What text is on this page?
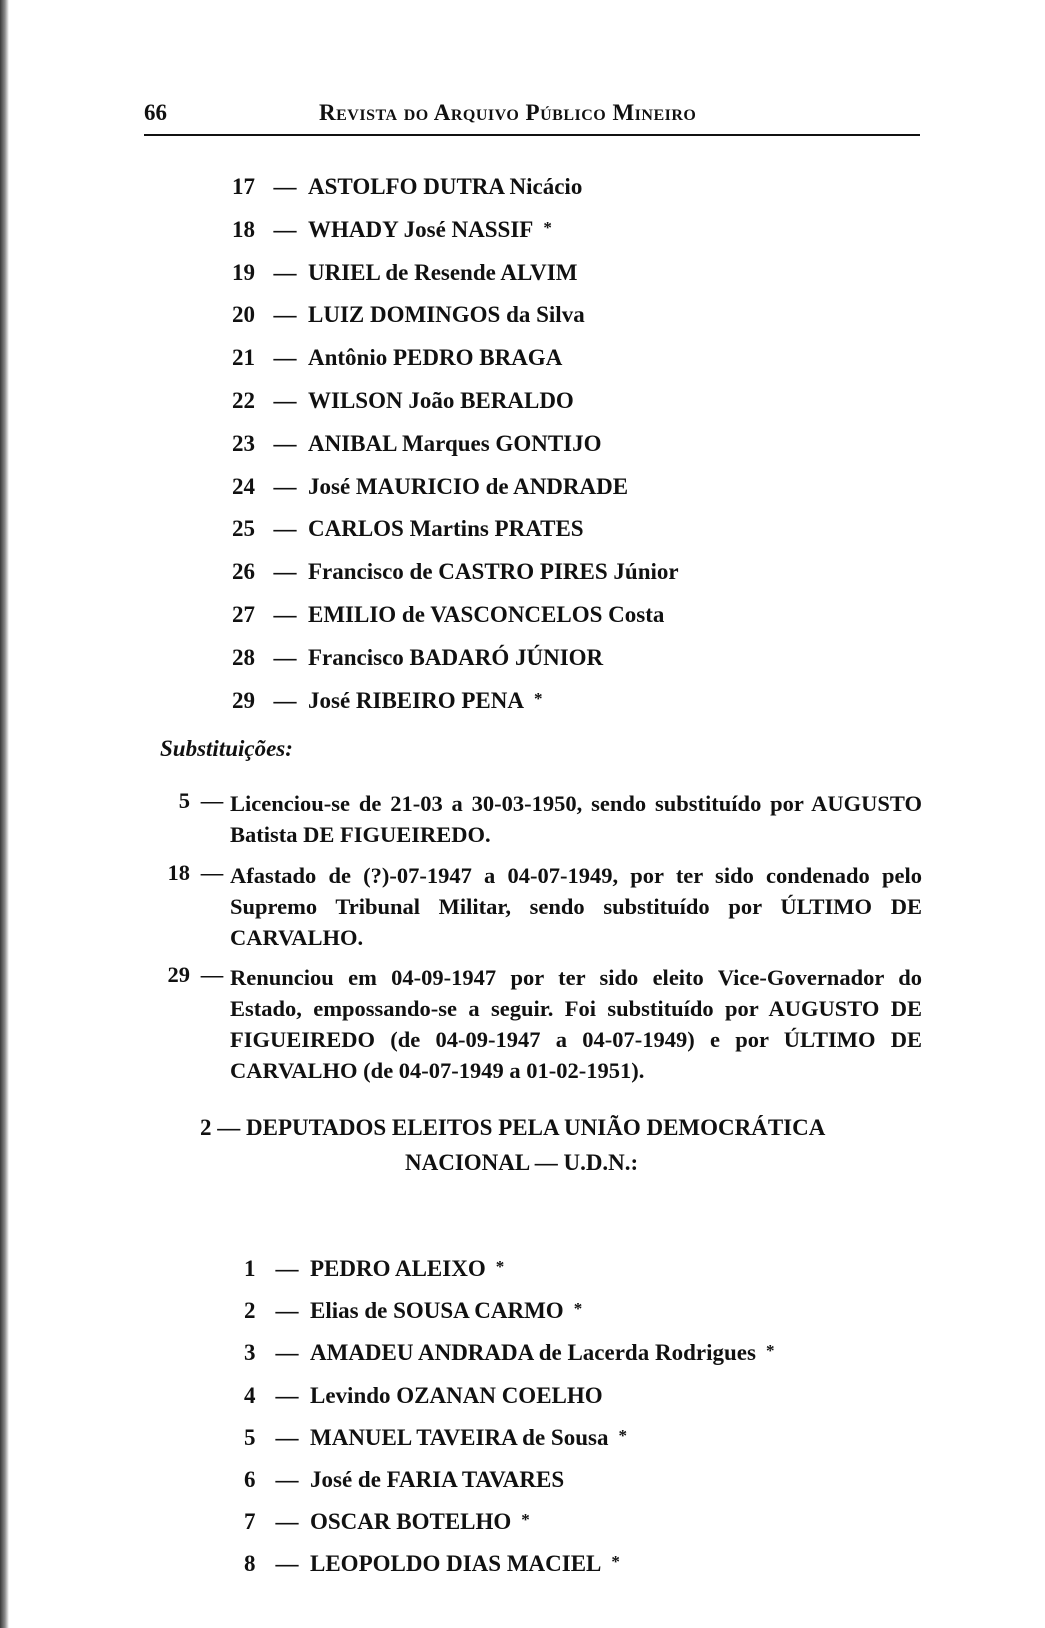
66	Revista do Arquivo Público Mineiro
17 — ASTOLFO DUTRA Nicácio
18 — WHADY José NASSIF *
19 — URIEL de Resende ALVIM
20 — LUIZ DOMINGOS da Silva
21 — Antônio PEDRO BRAGA
22 — WILSON João BERALDO
23 — ANIBAL Marques GONTIJO
24 — José MAURICIO de ANDRADE
25 — CARLOS Martins PRATES
26 — Francisco de CASTRO PIRES Júnior
27 — EMILIO de VASCONCELOS Costa
28 — Francisco BADARÓ JÚNIOR
29 — José RIBEIRO PENA *
Substituições:
5 — Licenciou-se de 21-03 a 30-03-1950, sendo substituído por AUGUSTO Batista DE FIGUEIREDO.
18 — Afastado de (?)-07-1947 a 04-07-1949, por ter sido condenado pelo Supremo Tribunal Militar, sendo substituído por ÚLTIMO DE CARVALHO.
29 — Renunciou em 04-09-1947 por ter sido eleito Vice-Governador do Estado, empossando-se a seguir. Foi substituído por AUGUSTO DE FIGUEIREDO (de 04-09-1947 a 04-07-1949) e por ÚLTIMO DE CARVALHO (de 04-07-1949 a 01-02-1951).
2 — DEPUTADOS ELEITOS PELA UNIÃO DEMOCRÁTICA
NACIONAL — U.D.N.:
1 — PEDRO ALEIXO *
2 — Elias de SOUSA CARMO *
3 — AMADEU ANDRADA de Lacerda Rodrigues *
4 — Levindo OZANAN COELHO
5 — MANUEL TAVEIRA de Sousa *
6 — José de FARIA TAVARES
7 — OSCAR BOTELHO *
8 — LEOPOLDO DIAS MACIEL *
